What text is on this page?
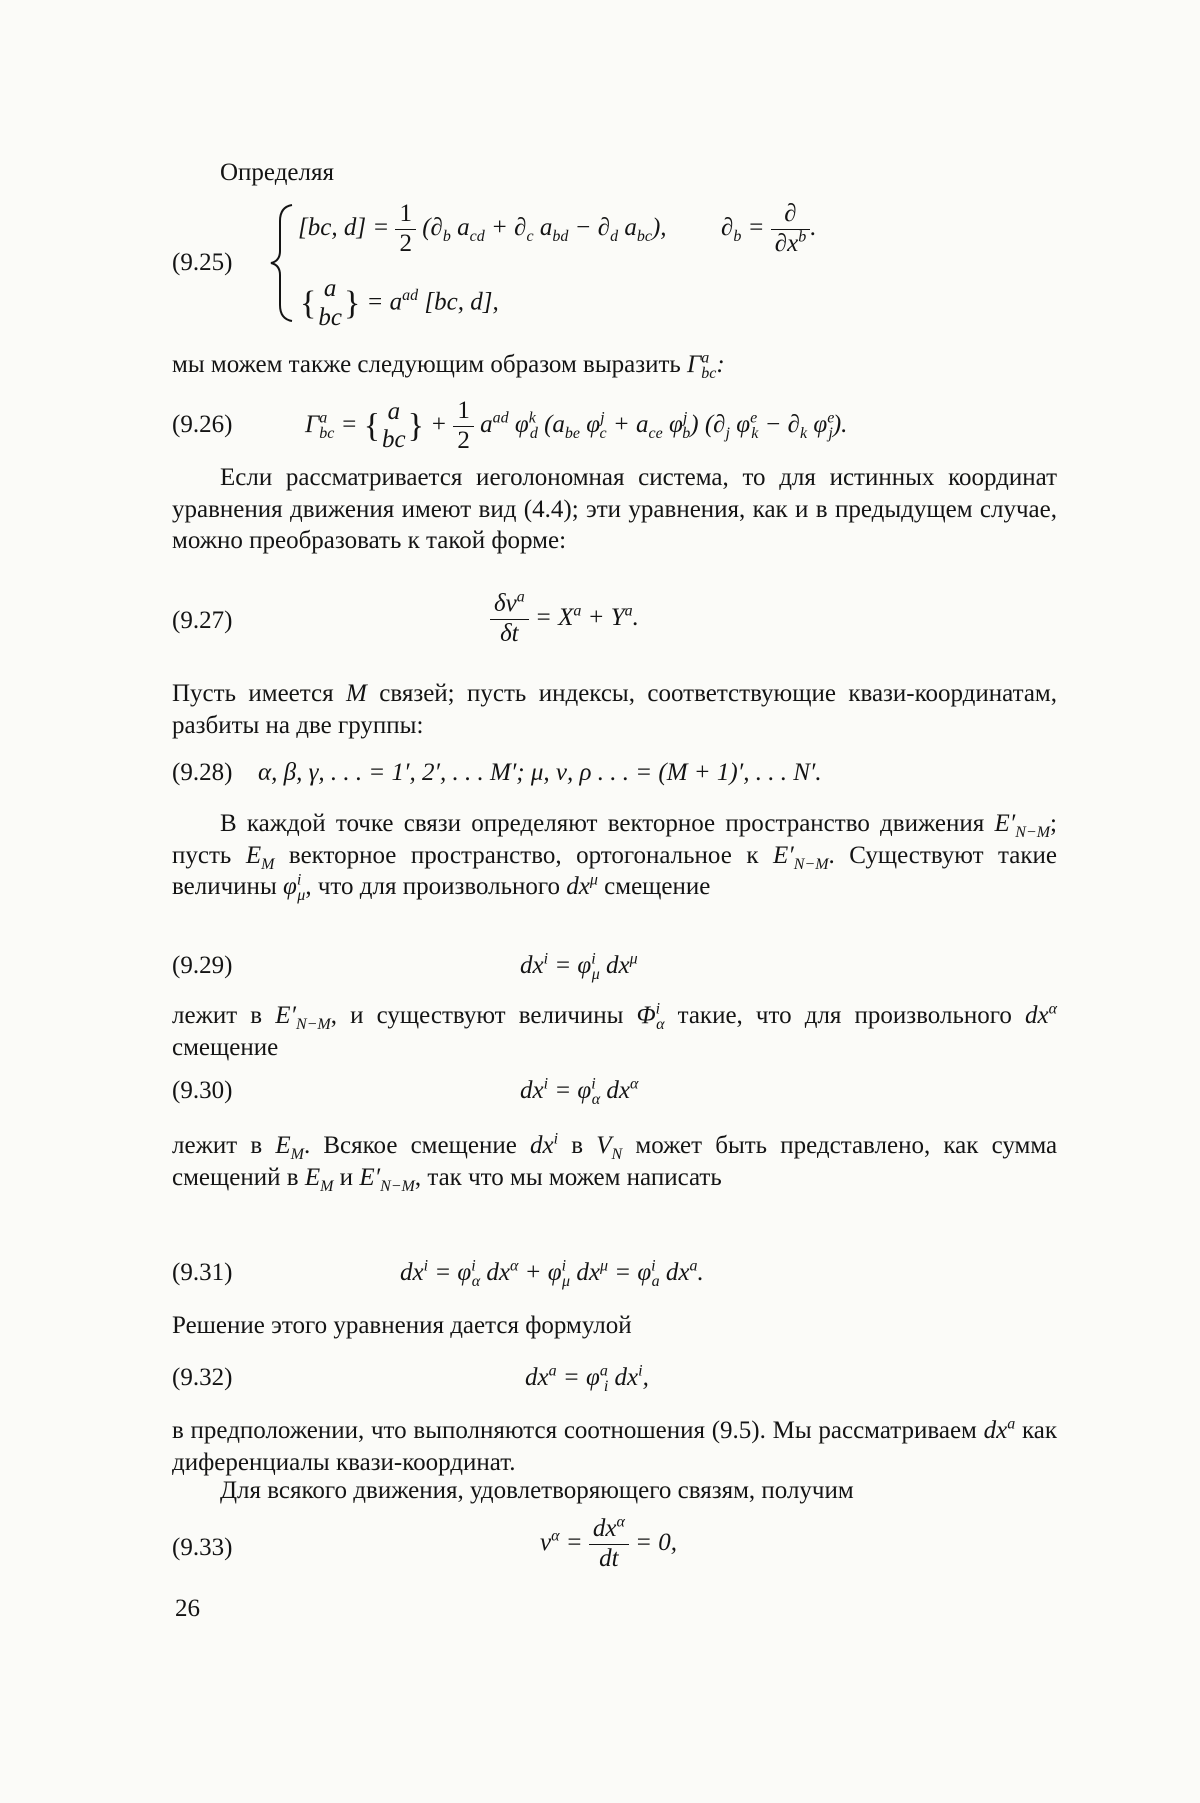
Определяя
(9.25)
[bc, $d] = \frac{1}{2} (\partial_b$ $a_{cd} + \partial_c$ $a_{bd} - \partial_d$ $a_{bc}$),  $\partial_b = \frac{\partial}{\partial x^b}$ .
{ a
bc } = $a^{ad}$ [bc, d],
мы можем также следующим образом выразить $\Gamma^a_{bc}$:
(9.26)	$\Gamma^a_{bc}$ = { a
bc } + $\frac{1}{2} a^{ad}$ $\varphi^k_d$ ($a_{be}$ $\varphi^j_c + a_{ce}$ $\varphi^j_b$) ($\partial_j$ $\varphi^e_k - \partial_k$ $\varphi^e_j$).
Если рассматривается иеголономная система, то для истинных координат уравнения движения имеют вид (4.4); эти уравнения, как и в предыдущем случае, можно преобразовать к такой форме:
(9.27)	$\frac{\delta v^a}{\delta t} = X^a + Y^a$.
Пусть имеется M связей; пусть индексы, соответствующие квази-координатам, разбиты на две группы:
(9.28) α, β, γ, . . . = 1′, 2′, . . . M′; μ, ν, ρ . . . = (M + 1)′, . . . N′.
В каждой точке связи определяют векторное пространство движения $E'_{N-M}$; пусть $E_M$ векторное пространство, ортогональное к $E'_{N-M}$. Существуют такие величины $\varphi^i_\mu$, что для произвольного $dx^\mu$ смещение
(9.29)	$dx^i = \varphi^i_\mu$ $dx^\mu$
лежит в $E'_{N-M}$, и существуют величины $\Phi^i_\alpha$ такие, что для произвольного $dx^\alpha$ смещение
(9.30)	$dx^i = \varphi^i_\alpha$ $dx^\alpha$
лежит в $E_M$. Всякое смещение $dx^i$ в $V_N$ может быть представлено, как сумма смещений в $E_M$ и $E'_{N-M}$, так что мы можем написать
(9.31)	$dx^i = \varphi^i_\alpha$ $dx^\alpha + \varphi^i_\mu$ $dx^\mu = \varphi^i_a$ $dx^a$.
Решение этого уравнения дается формулой
(9.32)	$dx^a = \varphi^a_i$ $dx^i$,
в предположении, что выполняются соотношения (9.5). Мы рассматриваем $dx^a$ как диференциалы квази-координат.
Для всякого движения, удовлетворяющего связям, получим
(9.33)	$v^\alpha = \frac{dx^\alpha}{dt} = 0$,
26
